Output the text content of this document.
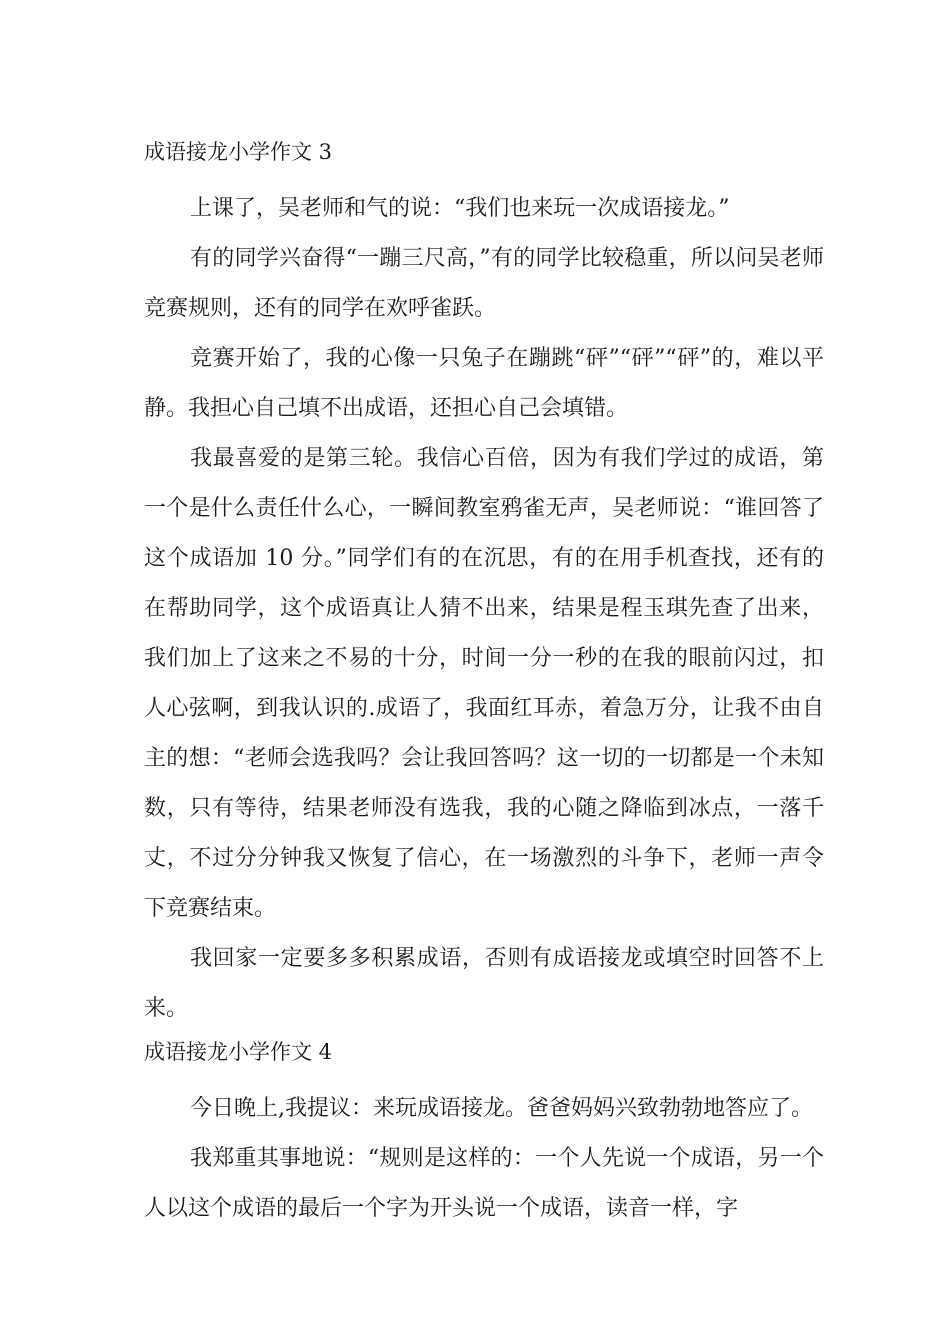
成语接龙小学作文 3

上课了，吴老师和气的说：“我们也来玩一次成语接龙。”

有的同学兴奋得“一蹦三尺高，”有的同学比较稳重，所以问吴老师竞赛规则，还有的同学在欢呼雀跃。

竞赛开始了，我的心像一只兔子在蹦跳“砰”“砰”“砰”的，难以平静。我担心自己填不出成语，还担心自己会填错。

我最喜爱的是第三轮。我信心百倍，因为有我们学过的成语，第一个是什么责任什么心，一瞬间教室鸦雀无声，吴老师说：“谁回答了这个成语加 10 分。”同学们有的在沉思，有的在用手机查找，还有的在帮助同学，这个成语真让人猜不出来，结果是程玉琪先查了出来，我们加上了这来之不易的十分，时间一分一秒的在我的眼前闪过，扣人心弦啊，到我认识的.成语了，我面红耳赤，着急万分，让我不由自主的想：“老师会选我吗？会让我回答吗？这一切的一切都是一个未知数，只有等待，结果老师没有选我，我的心随之降临到冰点，一落千丈，不过分分钟我又恢复了信心，在一场激烈的斗争下，老师一声令下竞赛结束。

我回家一定要多多积累成语，否则有成语接龙或填空时回答不上来。

成语接龙小学作文 4

今日晚上,我提议：来玩成语接龙。爸爸妈妈兴致勃勃地答应了。

我郑重其事地说：“规则是这样的：一个人先说一个成语，另一个人以这个成语的最后一个字为开头说一个成语，读音一样，字
